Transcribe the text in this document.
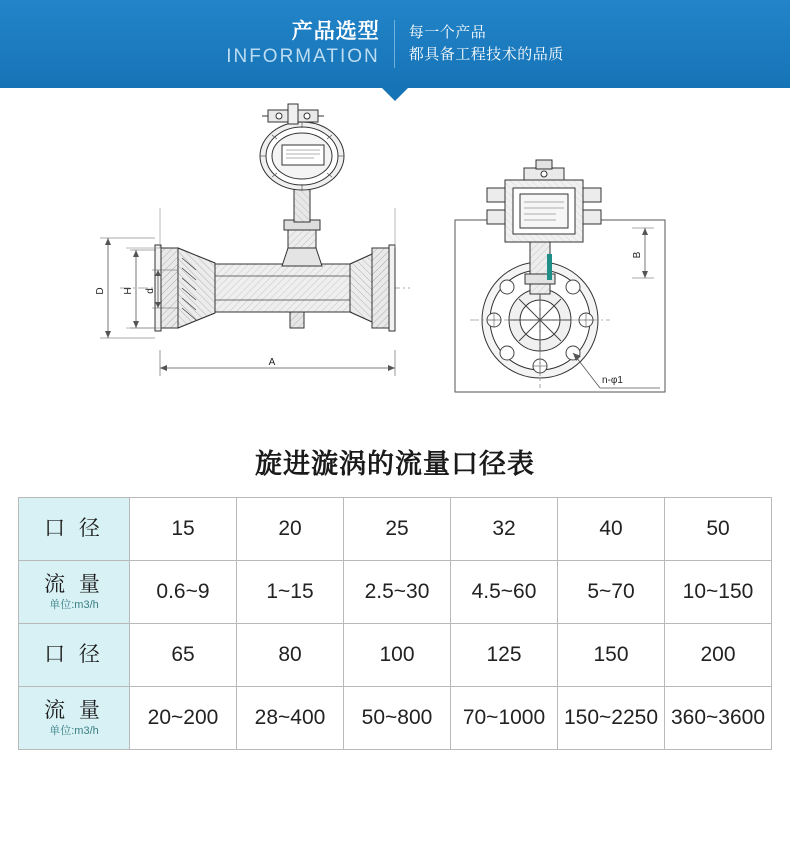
产品选型
INFORMATION
每一个产品
都具备工程技术的品质
A
D H d
B
n-φ1
旋进漩涡的流量口径表
口 径	15	20	25	32	40	50

流 量
单位:m3/h	0.6~9	1~15	2.5~30	4.5~60	5~70	10~150

口 径	65	80	100	125	150	200

流 量
单位:m3/h	20~200	28~400	50~800	70~1000	150~2250	360~3600
